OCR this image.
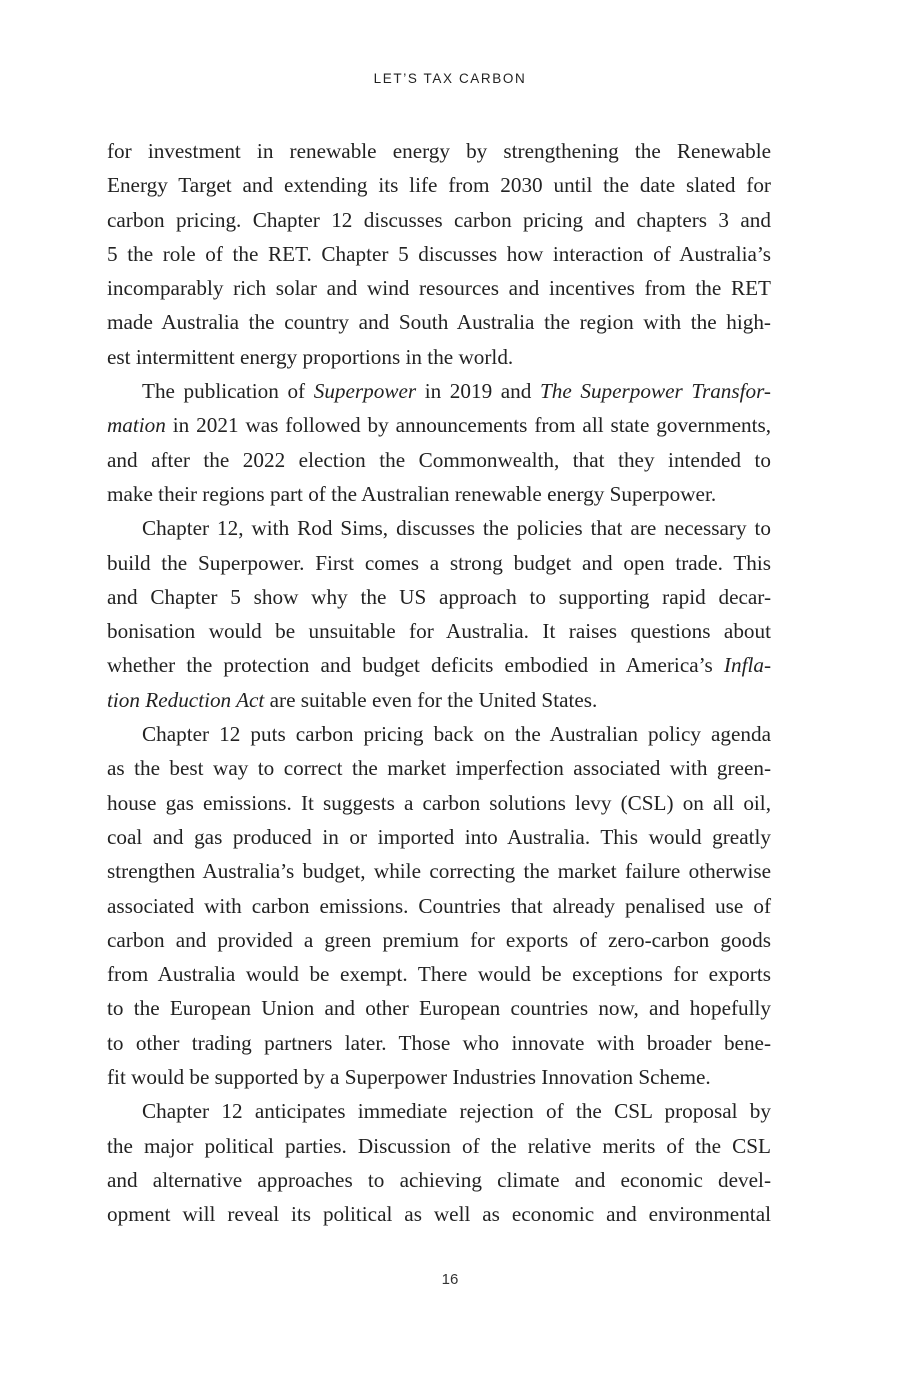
LET’S TAX CARBON

for investment in renewable energy by strengthening the Renewable

Energy Target and extending its life from 2030 until the date slated for

carbon pricing. Chapter 12 discusses carbon pricing and chapters 3 and

5 the role of the RET. Chapter 5 discusses how interaction of Australia’s

incomparably rich solar and wind resources and incentives from the RET

made Australia the country and South Australia the region with the high-

est intermittent energy proportions in the world.

The publication of Superpower in 2019 and The Superpower Transfor-

mation in 2021 was followed by announcements from all state governments,

and after the 2022 election the Commonwealth, that they intended to

make their regions part of the Australian renewable energy Superpower.

Chapter 12, with Rod Sims, discusses the policies that are necessary to

build the Superpower. First comes a strong budget and open trade. This

and Chapter 5 show why the US approach to supporting rapid decar-

bonisation would be unsuitable for Australia. It raises questions about

whether the protection and budget deficits embodied in America’s Infla-

tion Reduction Act are suitable even for the United States.

Chapter 12 puts carbon pricing back on the Australian policy agenda

as the best way to correct the market imperfection associated with green-

house gas emissions. It suggests a carbon solutions levy (CSL) on all oil,

coal and gas produced in or imported into Australia. This would greatly

strengthen Australia’s budget, while correcting the market failure otherwise

associated with carbon emissions. Countries that already penalised use of

carbon and provided a green premium for exports of zero-carbon goods

from Australia would be exempt. There would be exceptions for exports

to the European Union and other European countries now, and hopefully

to other trading partners later. Those who innovate with broader bene-

fit would be supported by a Superpower Industries Innovation Scheme.

Chapter 12 anticipates immediate rejection of the CSL proposal by

the major political parties. Discussion of the relative merits of the CSL

and alternative approaches to achieving climate and economic devel-

opment will reveal its political as well as economic and environmental

16
